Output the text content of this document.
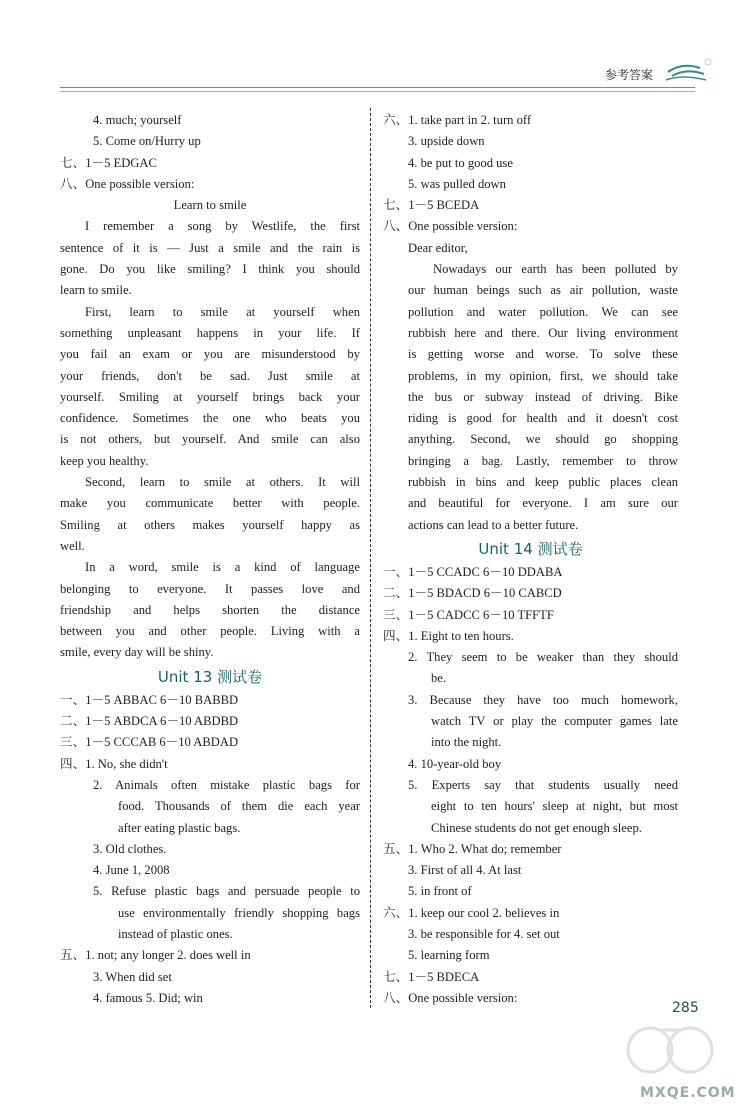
参考答案
4. much; yourself
5. Come on/Hurry up
七、1－5 EDGAC
八、One possible version:
Learn to smile
I remember a song by Westlife, the first
sentence of it is — Just a smile and the rain is
gone. Do you like smiling? I think you should
learn to smile.
First, learn to smile at yourself when
something unpleasant happens in your life. If
you fail an exam or you are misunderstood by
your friends, don't be sad. Just smile at
yourself. Smiling at yourself brings back your
confidence. Sometimes the one who beats you
is not others, but yourself. And smile can also
keep you healthy.
Second, learn to smile at others. It will
make you communicate better with people.
Smiling at others makes yourself happy as
well.
In a word, smile is a kind of language
belonging to everyone. It passes love and
friendship and helps shorten the distance
between you and other people. Living with a
smile, every day will be shiny.
Unit 13 测试卷
一、1－5 ABBAC 6－10 BABBD
二、1－5 ABDCA 6－10 ABDBD
三、1－5 CCCAB 6－10 ABDAD
四、1. No, she didn't
2. Animals often mistake plastic bags for
food. Thousands of them die each year
after eating plastic bags.
3. Old clothes.
4. June 1, 2008
5. Refuse plastic bags and persuade people to
use environmentally friendly shopping bags
instead of plastic ones.
五、1. not; any longer 2. does well in
3. When did set
4. famous 5. Did; win
六、1. take part in 2. turn off
3. upside down
4. be put to good use
5. was pulled down
七、1－5 BCEDA
八、One possible version:
Dear editor,
Nowadays our earth has been polluted by
our human beings such as air pollution, waste
pollution and water pollution. We can see
rubbish here and there. Our living environment
is getting worse and worse. To solve these
problems, in my opinion, first, we should take
the bus or subway instead of driving. Bike
riding is good for health and it doesn't cost
anything. Second, we should go shopping
bringing a bag. Lastly, remember to throw
rubbish in bins and keep public places clean
and beautiful for everyone. I am sure our
actions can lead to a better future.
Unit 14 测试卷
一、1－5 CCADC 6－10 DDABA
二、1－5 BDACD 6－10 CABCD
三、1－5 CADCC 6－10 TFFTF
四、1. Eight to ten hours.
2. They seem to be weaker than they should
be.
3. Because they have too much homework,
watch TV or play the computer games late
into the night.
4. 10-year-old boy
5. Experts say that students usually need
eight to ten hours' sleep at night, but most
Chinese students do not get enough sleep.
五、1. Who 2. What do; remember
3. First of all 4. At last
5. in front of
六、1. keep our cool 2. believes in
3. be responsible for 4. set out
5. learning form
七、1－5 BDECA
八、One possible version:
285
MXQE.COM
